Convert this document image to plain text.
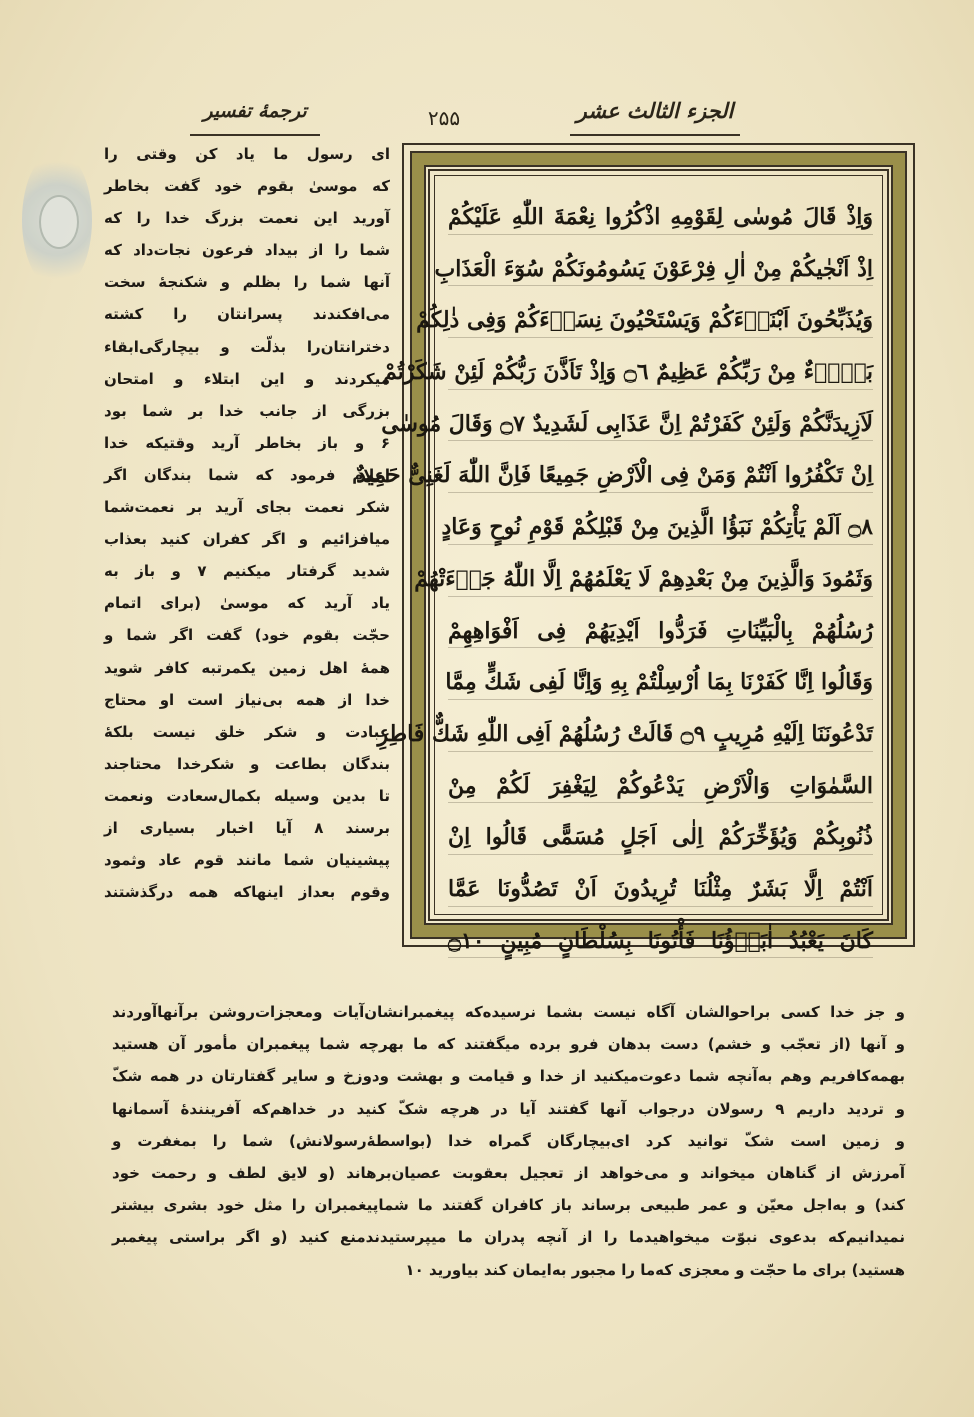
ترجمهٔ تفسیر	۲۵۵	الجزء الثالث عشر
وَاِذْ قَالَ مُوسٰى لِقَوْمِهِ اذْكُرُوا نِعْمَةَ اللّٰهِ عَلَيْكُمْ
اِذْ اَنْجٰيكُمْ مِنْ اٰلِ فِرْعَوْنَ يَسُومُونَكُمْ سُوٓءَ الْعَذَابِ
وَيُذَبِّحُونَ اَبْنَاۤءَكُمْ وَيَسْتَحْيُونَ نِسَاۤءَكُمْ وَفِى ذٰلِكُمْ
بَلَاۤءٌ مِنْ رَبِّكُمْ عَظِيمٌ ۝٦ وَاِذْ تَاَذَّنَ رَبُّكُمْ لَئِنْ شَكَرْتُمْ
لَاَزِيدَنَّكُمْ وَلَئِنْ كَفَرْتُمْ اِنَّ عَذَابِى لَشَدِيدٌ ۝٧ وَقَالَ مُوسٰى
اِنْ تَكْفُرُوا اَنْتُمْ وَمَنْ فِى الْاَرْضِ جَمِيعًا فَاِنَّ اللّٰهَ لَغَنِىٌّ حَمِيدٌ
۝٨ اَلَمْ يَأْتِكُمْ نَبَؤُا الَّذِينَ مِنْ قَبْلِكُمْ قَوْمِ نُوحٍ وَعَادٍ
وَثَمُودَ وَالَّذِينَ مِنْ بَعْدِهِمْ لَا يَعْلَمُهُمْ اِلَّا اللّٰهُ جَاۤءَتْهُمْ
رُسُلُهُمْ بِالْبَيِّنَاتِ فَرَدُّوا اَيْدِيَهُمْ فِى اَفْوَاهِهِمْ
وَقَالُوا اِنَّا كَفَرْنَا بِمَا اُرْسِلْتُمْ بِهِ وَاِنَّا لَفِى شَكٍّ مِمَّا
تَدْعُونَنَا اِلَيْهِ مُرِيبٍ ۝٩ قَالَتْ رُسُلُهُمْ اَفِى اللّٰهِ شَكٌّ فَاطِرِ
السَّمٰوَاتِ وَالْاَرْضِ يَدْعُوكُمْ لِيَغْفِرَ لَكُمْ مِنْ
ذُنُوبِكُمْ وَيُؤَخِّرَكُمْ اِلٰى اَجَلٍ مُسَمًّى قَالُوا اِنْ
اَنْتُمْ اِلَّا بَشَرٌ مِثْلُنَا تُرِيدُونَ اَنْ تَصُدُّونَا عَمَّا
كَانَ يَعْبُدُ اٰبَاۤؤُنَا فَأْتُونَا بِسُلْطَانٍ مُبِينٍ ۝١٠
ای رسول ما یاد کن وقتی را
که موسیٰ بقوم خود گفت بخاطر
آورید این نعمت بزرگ خدا را که
شما را از بیداد فرعون نجات‌داد که
آنها شما را بظلم و شکنجهٔ سخت
می‌افکندند پسرانتان را کشته
دخترانتان‌را بذلّت و بیچارگی‌ابقاء
میکردند و این ابتلاء و امتحان
بزرگی از جانب خدا بر شما بود
۶ و باز بخاطر آرید وقتیکه خدا
اعلام فرمود که شما بندگان اگر
شکر نعمت بجای آرید بر نعمت‌شما
میافزائیم و اگر کفران کنید بعذاب
شدید گرفتار میکنیم ۷ و باز به
یاد آرید که موسیٰ (برای اتمام
حجّت بقوم خود) گفت اگر شما و
همهٔ اهل زمین یکمرتبه کافر شوید
خدا از همه بی‌نیاز است او محتاج
عبادت و شکر خلق نیست بلکهٔ
بندگان بطاعت و شکرخدا محتاجند
تا بدین وسیله بکمال‌سعادت ونعمت
برسند ۸ آیا اخبار بسیاری از
پیشینیان شما مانند قوم عاد وثمود
وقوم بعداز اینهاکه همه درگذشتند
و جز خدا کسی براحوالشان آگاه نیست بشما نرسیده‌که پیغمبرانشان‌آیات ومعجزات‌روشن برآنهاآوردند
و آنها (از تعجّب و خشم) دست بدهان فرو برده میگفتند که ما بهرچه شما پیغمبران مأمور آن هستید
بهمه‌کافریم وهم به‌آنچه شما دعوت‌میکنید از خدا و قیامت و بهشت ودوزخ و سایر گفتارتان در همه شکّ
و تردید داریم ۹ رسولان درجواب آنها گفتند آیا در هرچه شکّ کنید در خداهم‌که آفرینندهٔ آسمانها
و زمین است شکّ توانید کرد ای‌بیچارگان گمراه خدا (بواسطهٔ‌رسولانش) شما را بمغفرت و
آمرزش از گناهان میخواند و می‌خواهد از تعجیل بعقوبت عصیان‌برهاند (و لایق لطف و رحمت خود
کند) و به‌اجل معیّن و عمر طبیعی برساند باز کافران گفتند ما شما‌پیغمبران را مثل خود بشری بیشتر
نمیدانیم‌که بدعوی نبوّت میخواهیدما را از آنچه پدران ما میپرستیدندمنع کنید (و اگر براستی پیغمبر
هستید) برای ما حجّت و معجزی که‌ما را مجبور به‌ایمان کند بیاورید ۱۰
